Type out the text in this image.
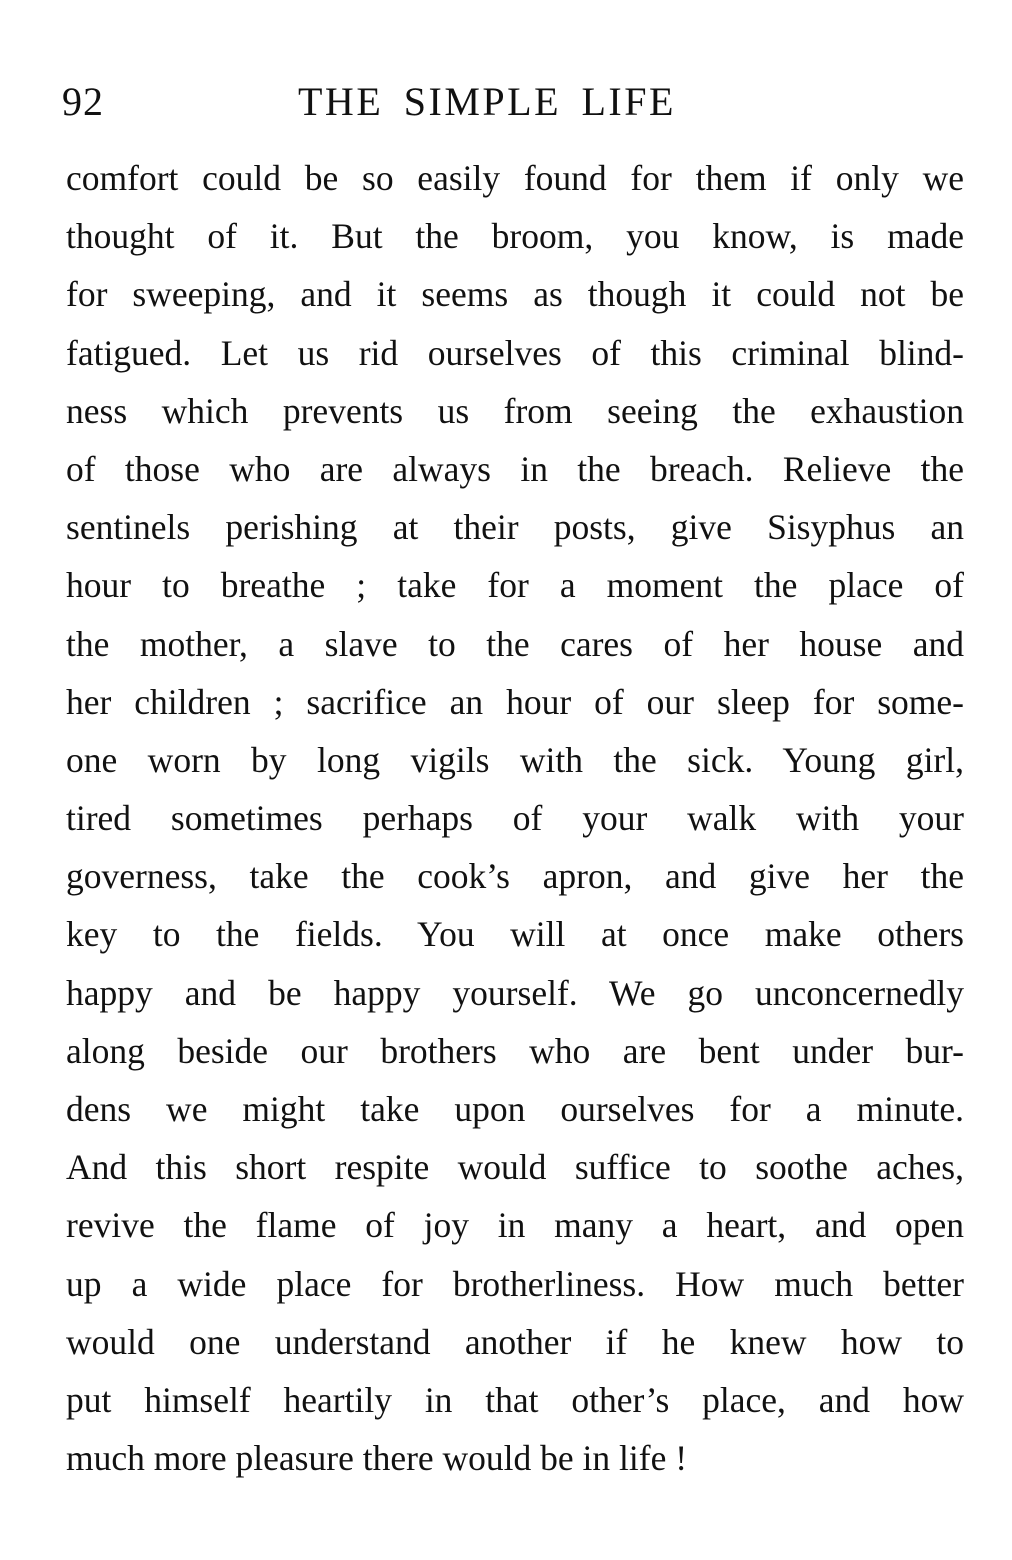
92	THE SIMPLE LIFE
comfort could be so easily found for them if only we
thought of it. But the broom, you know, is made
for sweeping, and it seems as though it could not be
fatigued. Let us rid ourselves of this criminal blind-
ness which prevents us from seeing the exhaustion
of those who are always in the breach. Relieve the
sentinels perishing at their posts, give Sisyphus an
hour to breathe ; take for a moment the place of
the mother, a slave to the cares of her house and
her children ; sacrifice an hour of our sleep for some-
one worn by long vigils with the sick. Young girl,
tired sometimes perhaps of your walk with your
governess, take the cook’s apron, and give her the
key to the fields. You will at once make others
happy and be happy yourself. We go unconcernedly
along beside our brothers who are bent under bur-
dens we might take upon ourselves for a minute.
And this short respite would suffice to soothe aches,
revive the flame of joy in many a heart, and open
up a wide place for brotherliness. How much better
would one understand another if he knew how to
put himself heartily in that other’s place, and how
much more pleasure there would be in life !
